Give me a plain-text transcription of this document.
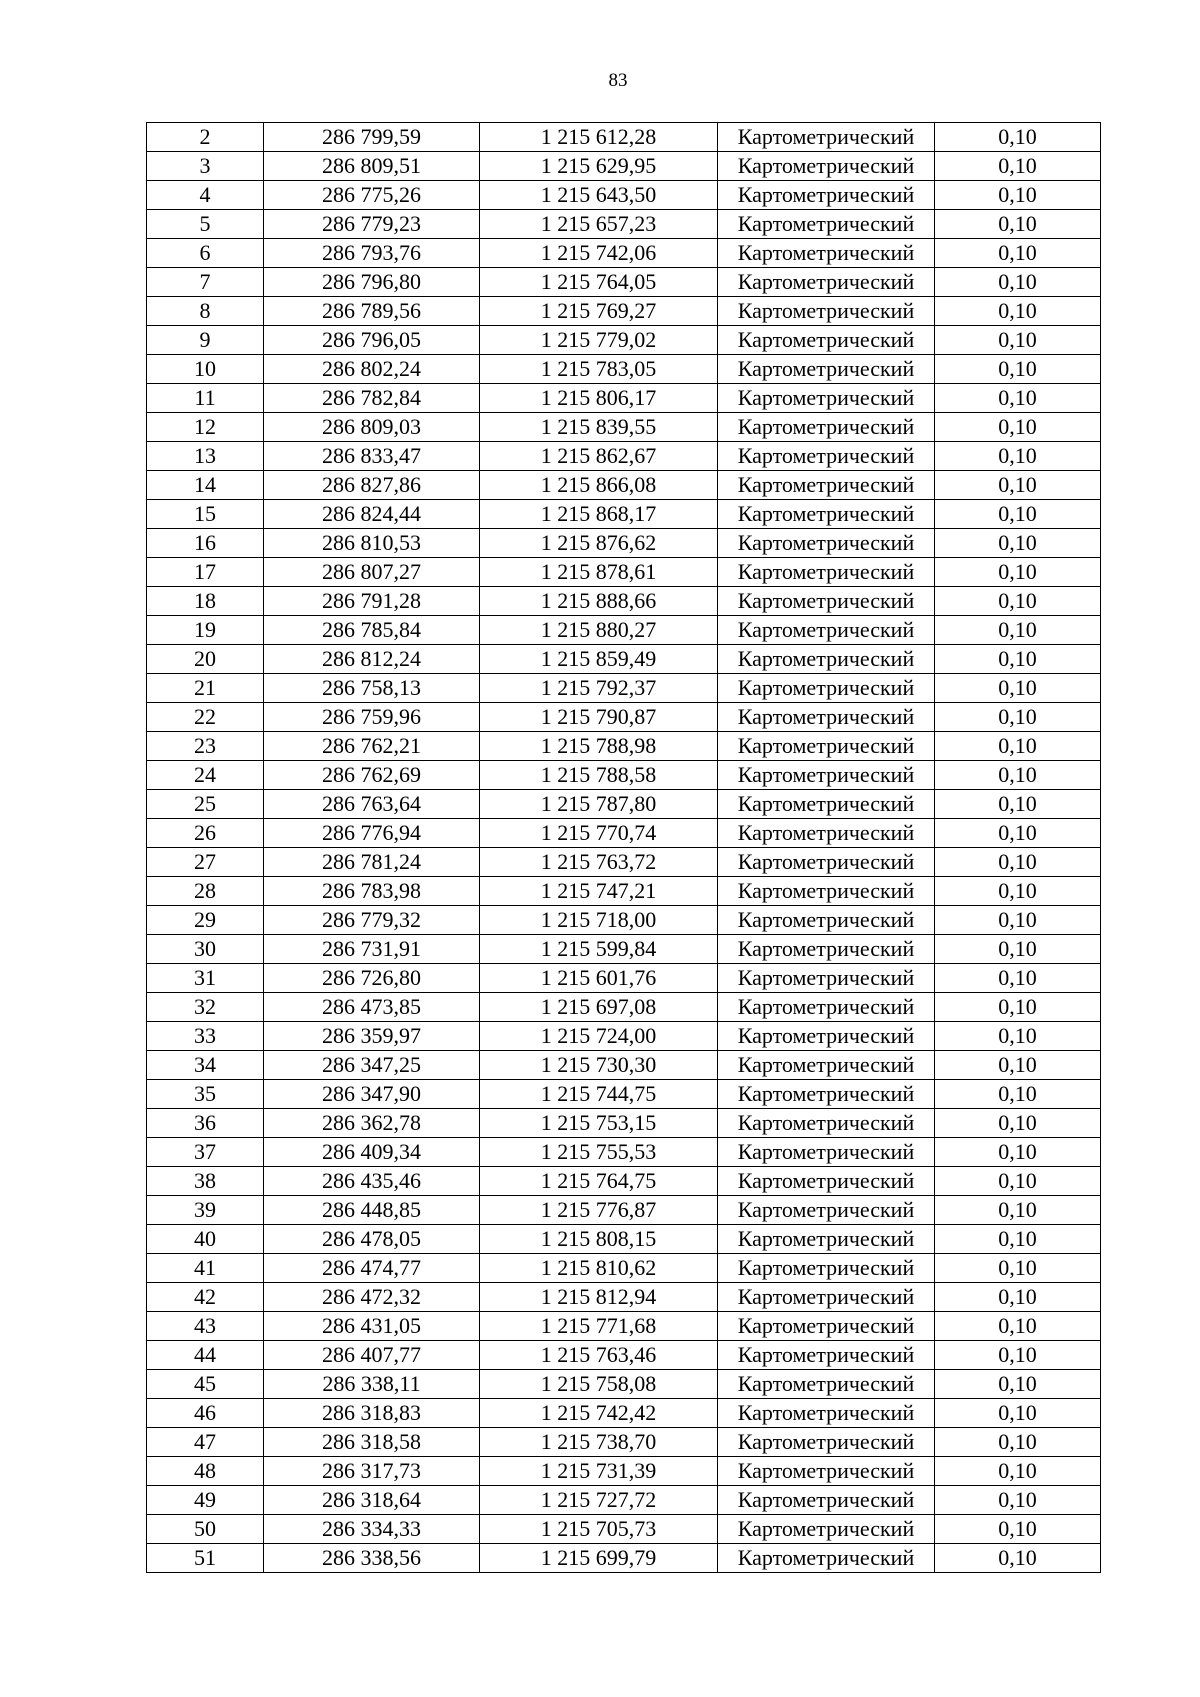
83
2	286 799,59	1 215 612,28	Картометрический	0,10
3	286 809,51	1 215 629,95	Картометрический	0,10
4	286 775,26	1 215 643,50	Картометрический	0,10
5	286 779,23	1 215 657,23	Картометрический	0,10
6	286 793,76	1 215 742,06	Картометрический	0,10
7	286 796,80	1 215 764,05	Картометрический	0,10
8	286 789,56	1 215 769,27	Картометрический	0,10
9	286 796,05	1 215 779,02	Картометрический	0,10
10	286 802,24	1 215 783,05	Картометрический	0,10
11	286 782,84	1 215 806,17	Картометрический	0,10
12	286 809,03	1 215 839,55	Картометрический	0,10
13	286 833,47	1 215 862,67	Картометрический	0,10
14	286 827,86	1 215 866,08	Картометрический	0,10
15	286 824,44	1 215 868,17	Картометрический	0,10
16	286 810,53	1 215 876,62	Картометрический	0,10
17	286 807,27	1 215 878,61	Картометрический	0,10
18	286 791,28	1 215 888,66	Картометрический	0,10
19	286 785,84	1 215 880,27	Картометрический	0,10
20	286 812,24	1 215 859,49	Картометрический	0,10
21	286 758,13	1 215 792,37	Картометрический	0,10
22	286 759,96	1 215 790,87	Картометрический	0,10
23	286 762,21	1 215 788,98	Картометрический	0,10
24	286 762,69	1 215 788,58	Картометрический	0,10
25	286 763,64	1 215 787,80	Картометрический	0,10
26	286 776,94	1 215 770,74	Картометрический	0,10
27	286 781,24	1 215 763,72	Картометрический	0,10
28	286 783,98	1 215 747,21	Картометрический	0,10
29	286 779,32	1 215 718,00	Картометрический	0,10
30	286 731,91	1 215 599,84	Картометрический	0,10
31	286 726,80	1 215 601,76	Картометрический	0,10
32	286 473,85	1 215 697,08	Картометрический	0,10
33	286 359,97	1 215 724,00	Картометрический	0,10
34	286 347,25	1 215 730,30	Картометрический	0,10
35	286 347,90	1 215 744,75	Картометрический	0,10
36	286 362,78	1 215 753,15	Картометрический	0,10
37	286 409,34	1 215 755,53	Картометрический	0,10
38	286 435,46	1 215 764,75	Картометрический	0,10
39	286 448,85	1 215 776,87	Картометрический	0,10
40	286 478,05	1 215 808,15	Картометрический	0,10
41	286 474,77	1 215 810,62	Картометрический	0,10
42	286 472,32	1 215 812,94	Картометрический	0,10
43	286 431,05	1 215 771,68	Картометрический	0,10
44	286 407,77	1 215 763,46	Картометрический	0,10
45	286 338,11	1 215 758,08	Картометрический	0,10
46	286 318,83	1 215 742,42	Картометрический	0,10
47	286 318,58	1 215 738,70	Картометрический	0,10
48	286 317,73	1 215 731,39	Картометрический	0,10
49	286 318,64	1 215 727,72	Картометрический	0,10
50	286 334,33	1 215 705,73	Картометрический	0,10
51	286 338,56	1 215 699,79	Картометрический	0,10
